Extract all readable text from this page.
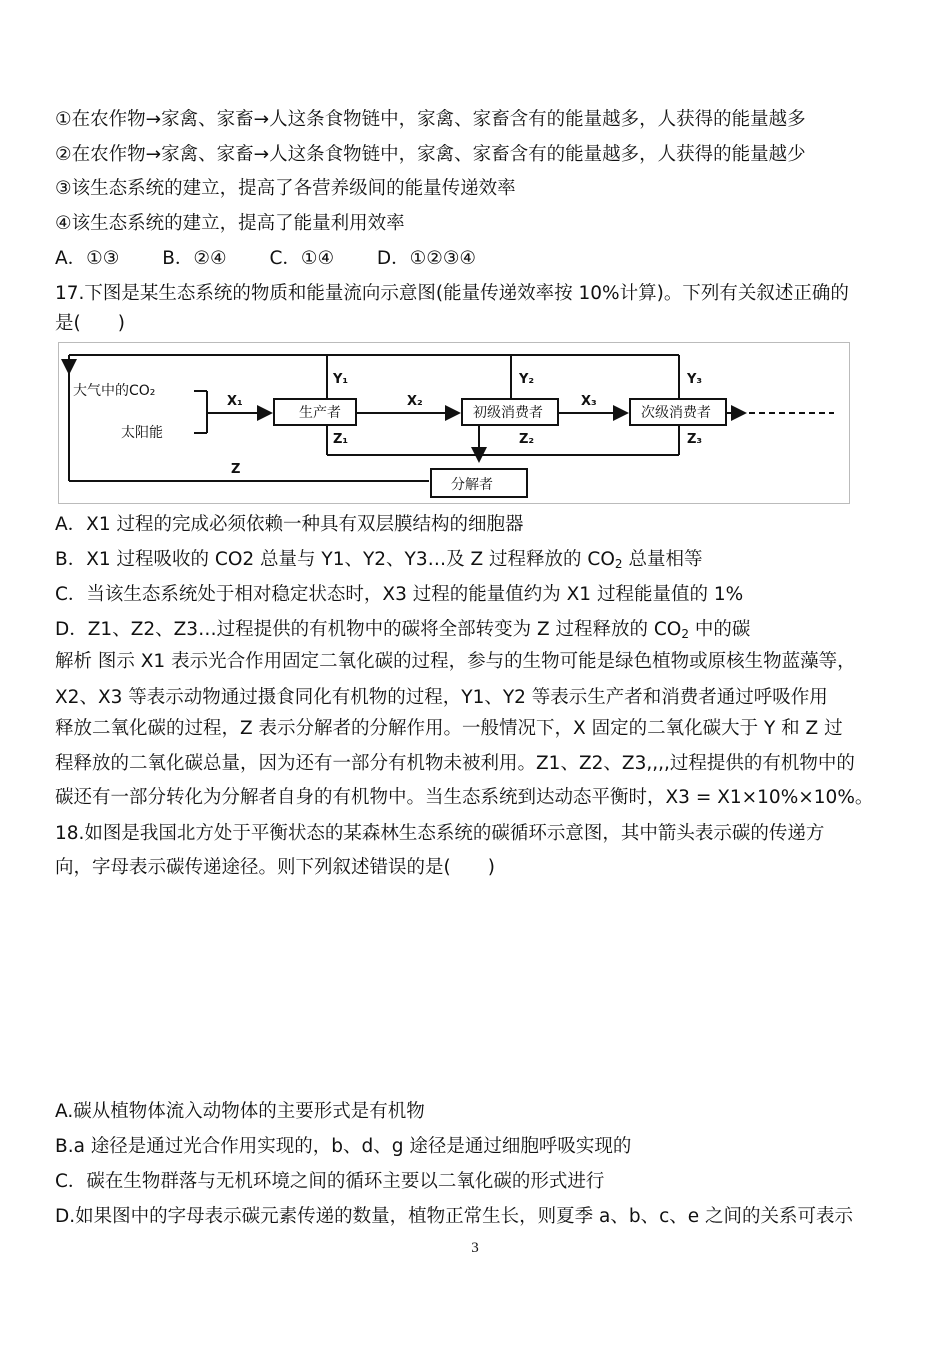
①在农作物→家禽、家畜→人这条食物链中，家禽、家畜含有的能量越多，人获得的能量越多
②在农作物→家禽、家畜→人这条食物链中，家禽、家畜含有的能量越多，人获得的能量越少
③该生态系统的建立，提高了各营养级间的能量传递效率
④该生态系统的建立，提高了能量利用效率
A．①③　　 B．②④　　 C．①④　　 D．①②③④
17.下图是某生态系统的物质和能量流向示意图(能量传递效率按 10%计算)。下列有关叙述正确的
是(　　)
大气中的CO₂
太阳能
生产者	初级消费者	次级消费者
分解者
X₁	X₂	X₃
Y₁	Y₂	Y₃
Z₁	Z₂	Z₃
Z
A．X1 过程的完成必须依赖一种具有双层膜结构的细胞器
B．X1 过程吸收的 CO2 总量与 Y1、Y2、Y3…及 Z 过程释放的 $CO_2$ 总量相等
C．当该生态系统处于相对稳定状态时，X3 过程的能量值约为 X1 过程能量值的 1%
D．Z1、Z2、Z3…过程提供的有机物中的碳将全部转变为 Z 过程释放的 $CO_2$ 中的碳
解析 图示 X1 表示光合作用固定二氧化碳的过程，参与的生物可能是绿色植物或原核生物蓝藻等，
X2、X3 等表示动物通过摄食同化有机物的过程，Y1、Y2 等表示生产者和消费者通过呼吸作用
释放二氧化碳的过程，Z 表示分解者的分解作用。一般情况下，X 固定的二氧化碳大于 Y 和 Z 过
程释放的二氧化碳总量，因为还有一部分有机物未被利用。Z1、Z2、Z3,,,,过程提供的有机物中的
碳还有一部分转化为分解者自身的有机物中。当生态系统到达动态平衡时，X3 = X1×10%×10%。
18.如图是我国北方处于平衡状态的某森林生态系统的碳循环示意图，其中箭头表示碳的传递方
向，字母表示碳传递途径。则下列叙述错误的是(　　)
A.碳从植物体流入动物体的主要形式是有机物
B.a 途径是通过光合作用实现的，b、d、g 途径是通过细胞呼吸实现的
C．碳在生物群落与无机环境之间的循环主要以二氧化碳的形式进行
D.如果图中的字母表示碳元素传递的数量，植物正常生长，则夏季 a、b、c、e 之间的关系可表示
3
